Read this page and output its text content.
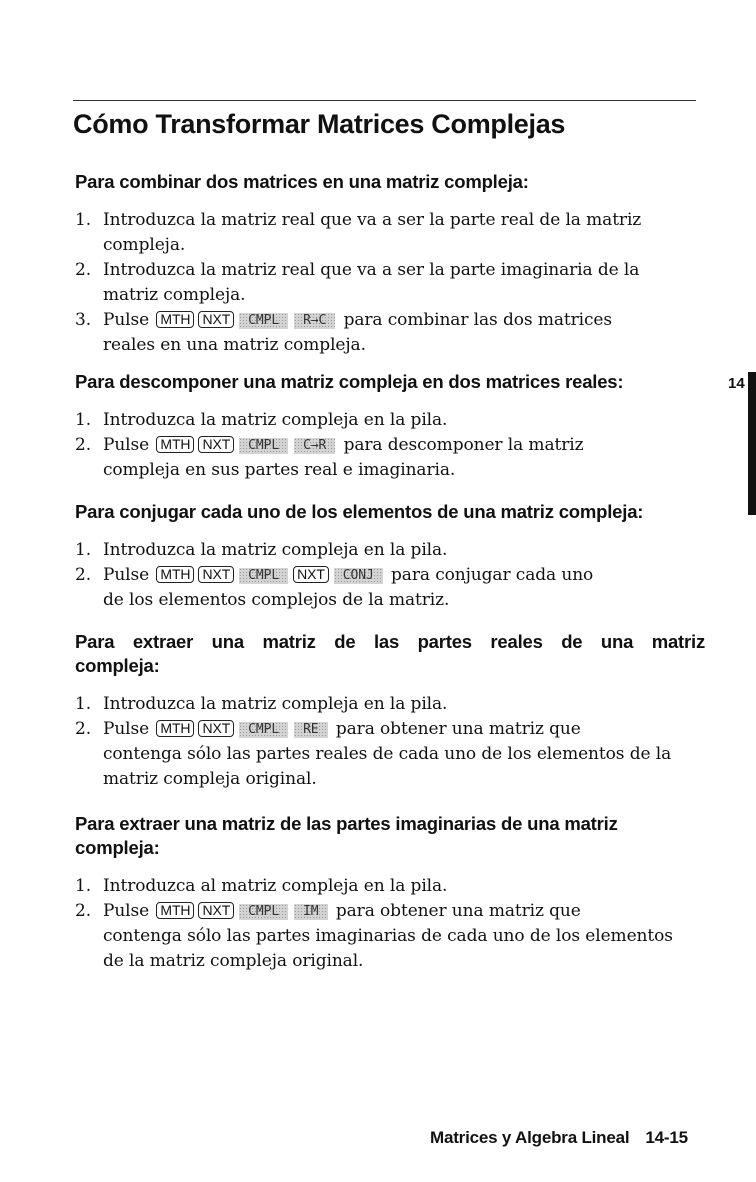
Cómo Transformar Matrices Complejas
Para combinar dos matrices en una matriz compleja:
1. Introduzca la matriz real que va a ser la parte real de la matriz
compleja.
2. Introduzca la matriz real que va a ser la parte imaginaria de la
matriz compleja.
3. Pulse MTH NXT CMPL R→C para combinar las dos matrices
reales en una matriz compleja.
Para descomponer una matriz compleja en dos matrices reales:
1. Introduzca la matriz compleja en la pila.
2. Pulse MTH NXT CMPL C→R para descomponer la matriz
compleja en sus partes real e imaginaria.
Para conjugar cada uno de los elementos de una matriz compleja:
1. Introduzca la matriz compleja en la pila.
2. Pulse MTH NXT CMPL NXT CONJ para conjugar cada uno
de los elementos complejos de la matriz.
Para extraer una matriz de las partes reales de una matriz
compleja:
1. Introduzca la matriz compleja en la pila.
2. Pulse MTH NXT CMPL RE para obtener una matriz que
contenga sólo las partes reales de cada uno de los elementos de la
matriz compleja original.
Para extraer una matriz de las partes imaginarias de una matriz
compleja:
1. Introduzca al matriz compleja en la pila.
2. Pulse MTH NXT CMPL IM para obtener una matriz que
contenga sólo las partes imaginarias de cada uno de los elementos
de la matriz compleja original.
14
Matrices y Algebra Lineal 14-15
